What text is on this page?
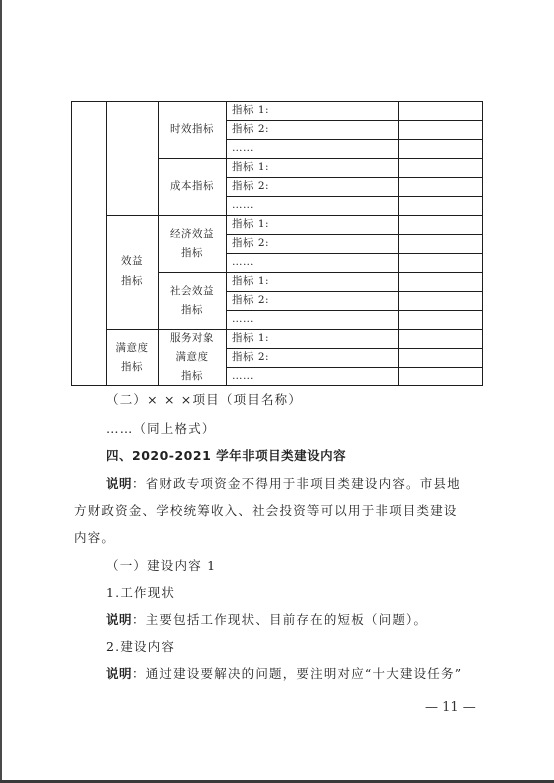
时效指标
成本指标
效益
指标
经济效益
指标
社会效益
指标
满意度
指标
服务对象
满意度
指标
指标 1:
指标 2:
……
指标 1:
指标 2:
……
指标 1:
指标 2:
……
指标 1:
指标 2:
……
指标 1:
指标 2:
……
（二）× × ×项目（项目名称）
……（同上格式）
四、2020-2021 学年非项目类建设内容
说明：省财政专项资金不得用于非项目类建设内容。市县地
方财政资金、学校统筹收入、社会投资等可以用于非项目类建设
内容。
（一）建设内容 1
1.工作现状
说明：主要包括工作现状、目前存在的短板（问题）。
2.建设内容
说明：通过建设要解决的问题，要注明对应“十大建设任务”
— 11 —
